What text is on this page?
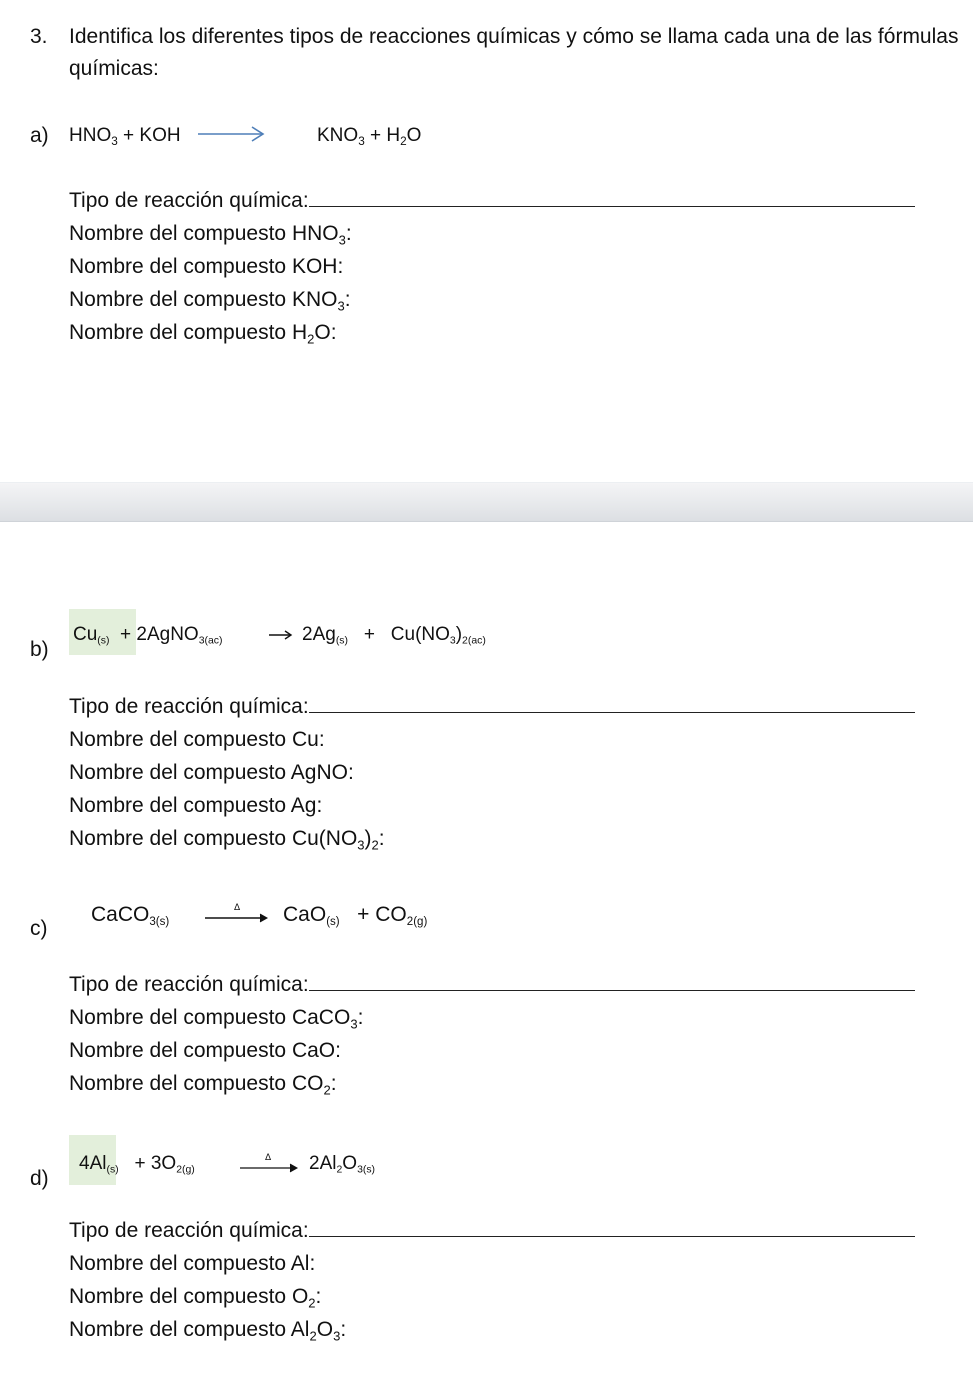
3. Identifica los diferentes tipos de reacciones químicas y cómo se llama cada una de las fórmulas
químicas:
a) $HNO_3$ + KOH	$KNO_3 + H_2O$
Tipo de reacción química:
Nombre del compuesto $HNO_3$:
Nombre del compuesto KOH:
Nombre del compuesto $KNO_3$:
Nombre del compuesto $H_2O$:
b)
$Cu_{(s)}$ + 2AgNO$_{3(ac)}$	→ $2Ag_{(s)} + Cu(NO_3)_{2(ac)}$
Tipo de reacción química:
Nombre del compuesto Cu:
Nombre del compuesto AgNO:
Nombre del compuesto Ag:
Nombre del compuesto $Cu(NO_3)_2$:
c)
CaCO$_{3(s)}$
Δ $CaO_{(s)} + CO_{2(g)}$
Tipo de reacción química:
Nombre del compuesto CaCO$_3$:
Nombre del compuesto CaO:
Nombre del compuesto $CO_2$:
d)
$4Al_{(s)} + 3O_{2(g)}$
Δ $2Al_2O_{3(s)}$
Tipo de reacción química:
Nombre del compuesto Al:
Nombre del compuesto $O_2$:
Nombre del compuesto $Al_2O_3$:
